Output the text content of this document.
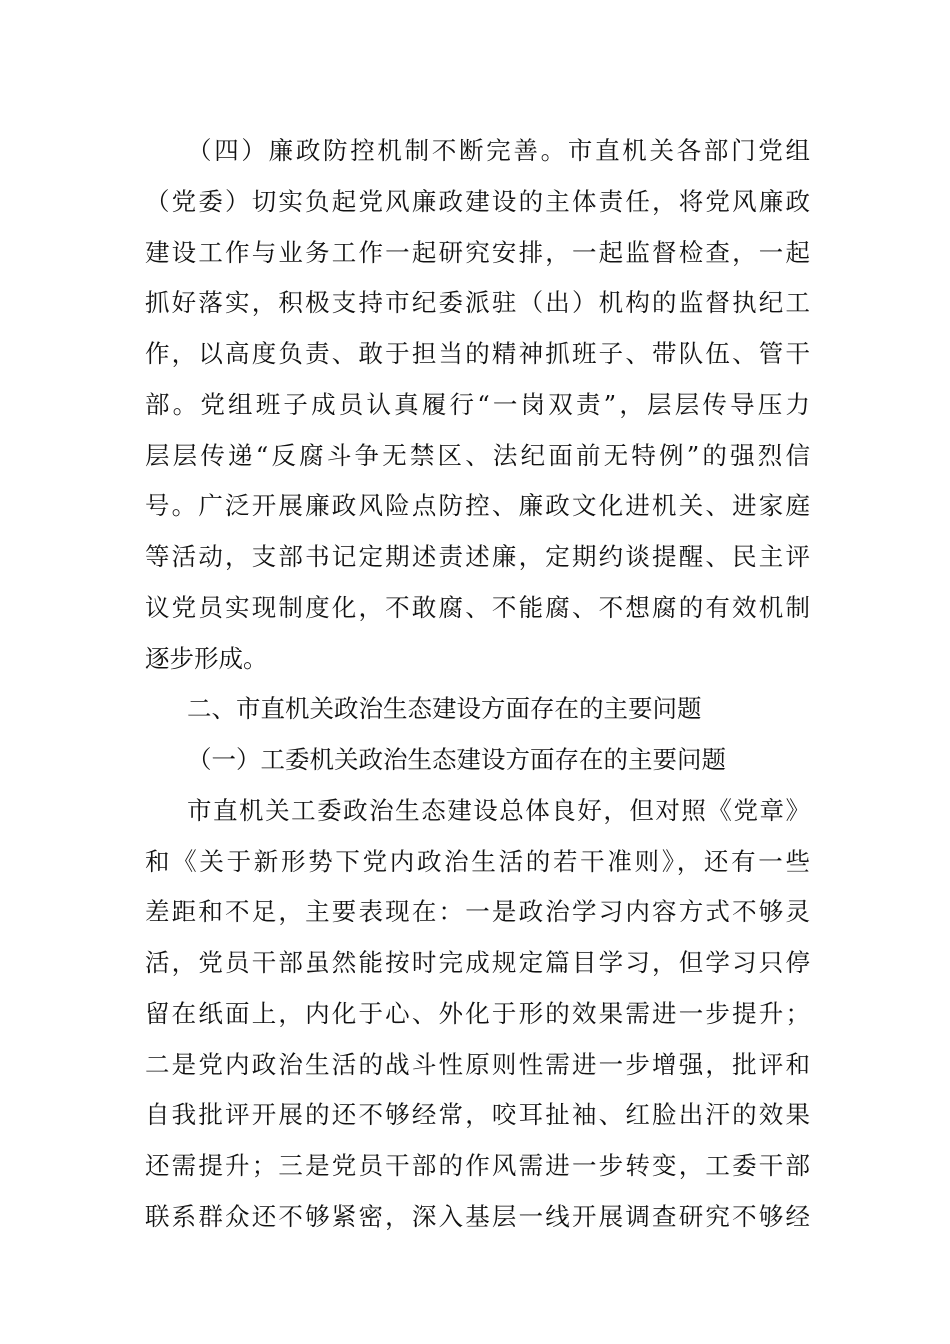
（四）廉政防控机制不断完善。市直机关各部门党组
（党委）切实负起党风廉政建设的主体责任，将党风廉政
建设工作与业务工作一起研究安排，一起监督检查，一起
抓好落实，积极支持市纪委派驻（出）机构的监督执纪工
作，以高度负责、敢于担当的精神抓班子、带队伍、管干
部。党组班子成员认真履行“一岗双责”，层层传导压力
层层传递“反腐斗争无禁区、法纪面前无特例”的强烈信
号。广泛开展廉政风险点防控、廉政文化进机关、进家庭
等活动，支部书记定期述责述廉，定期约谈提醒、民主评
议党员实现制度化，不敢腐、不能腐、不想腐的有效机制
逐步形成。
二、市直机关政治生态建设方面存在的主要问题
（一）工委机关政治生态建设方面存在的主要问题
市直机关工委政治生态建设总体良好，但对照《党章》
和《关于新形势下党内政治生活的若干准则》，还有一些
差距和不足，主要表现在：一是政治学习内容方式不够灵
活，党员干部虽然能按时完成规定篇目学习，但学习只停
留在纸面上，内化于心、外化于形的效果需进一步提升；
二是党内政治生活的战斗性原则性需进一步增强，批评和
自我批评开展的还不够经常，咬耳扯袖、红脸出汗的效果
还需提升；三是党员干部的作风需进一步转变，工委干部
联系群众还不够紧密，深入基层一线开展调查研究不够经
